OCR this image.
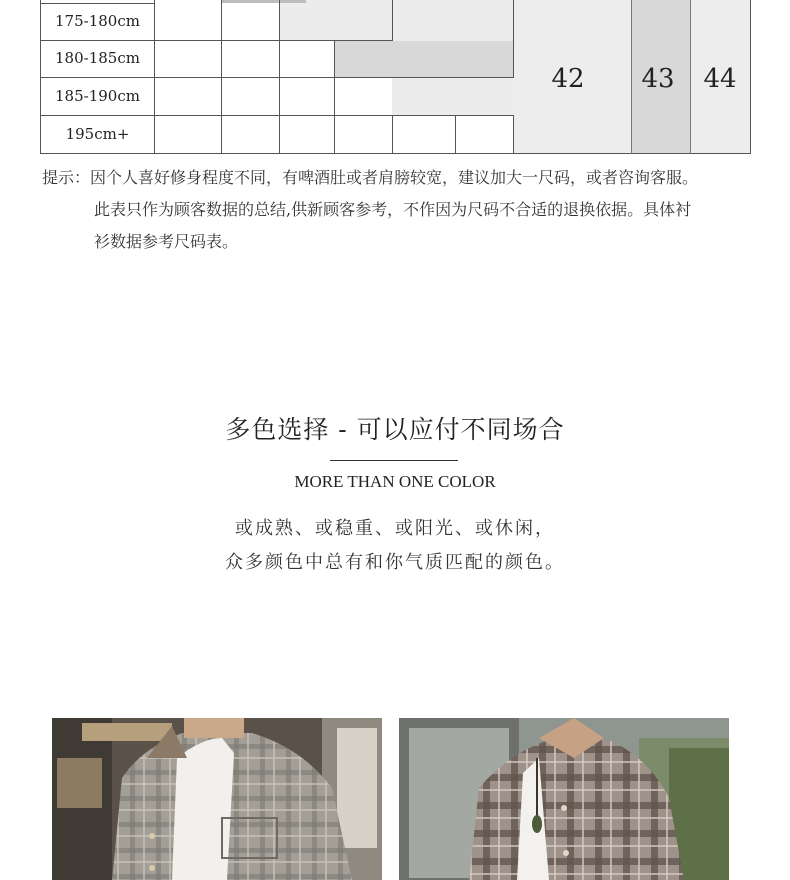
175-180cm
180-185cm
185-190cm
195cm+
42	43	44
提示：因个人喜好修身程度不同，有啤酒肚或者肩膀较宽，建议加大一尺码，或者咨询客服。
此表只作为顾客数据的总结,供新顾客参考，不作因为尺码不合适的退换依据。具体衬
衫数据参考尺码表。
多色选择 - 可以应付不同场合
MORE THAN ONE COLOR
或成熟、或稳重、或阳光、或休闲，
众多颜色中总有和你气质匹配的颜色。
